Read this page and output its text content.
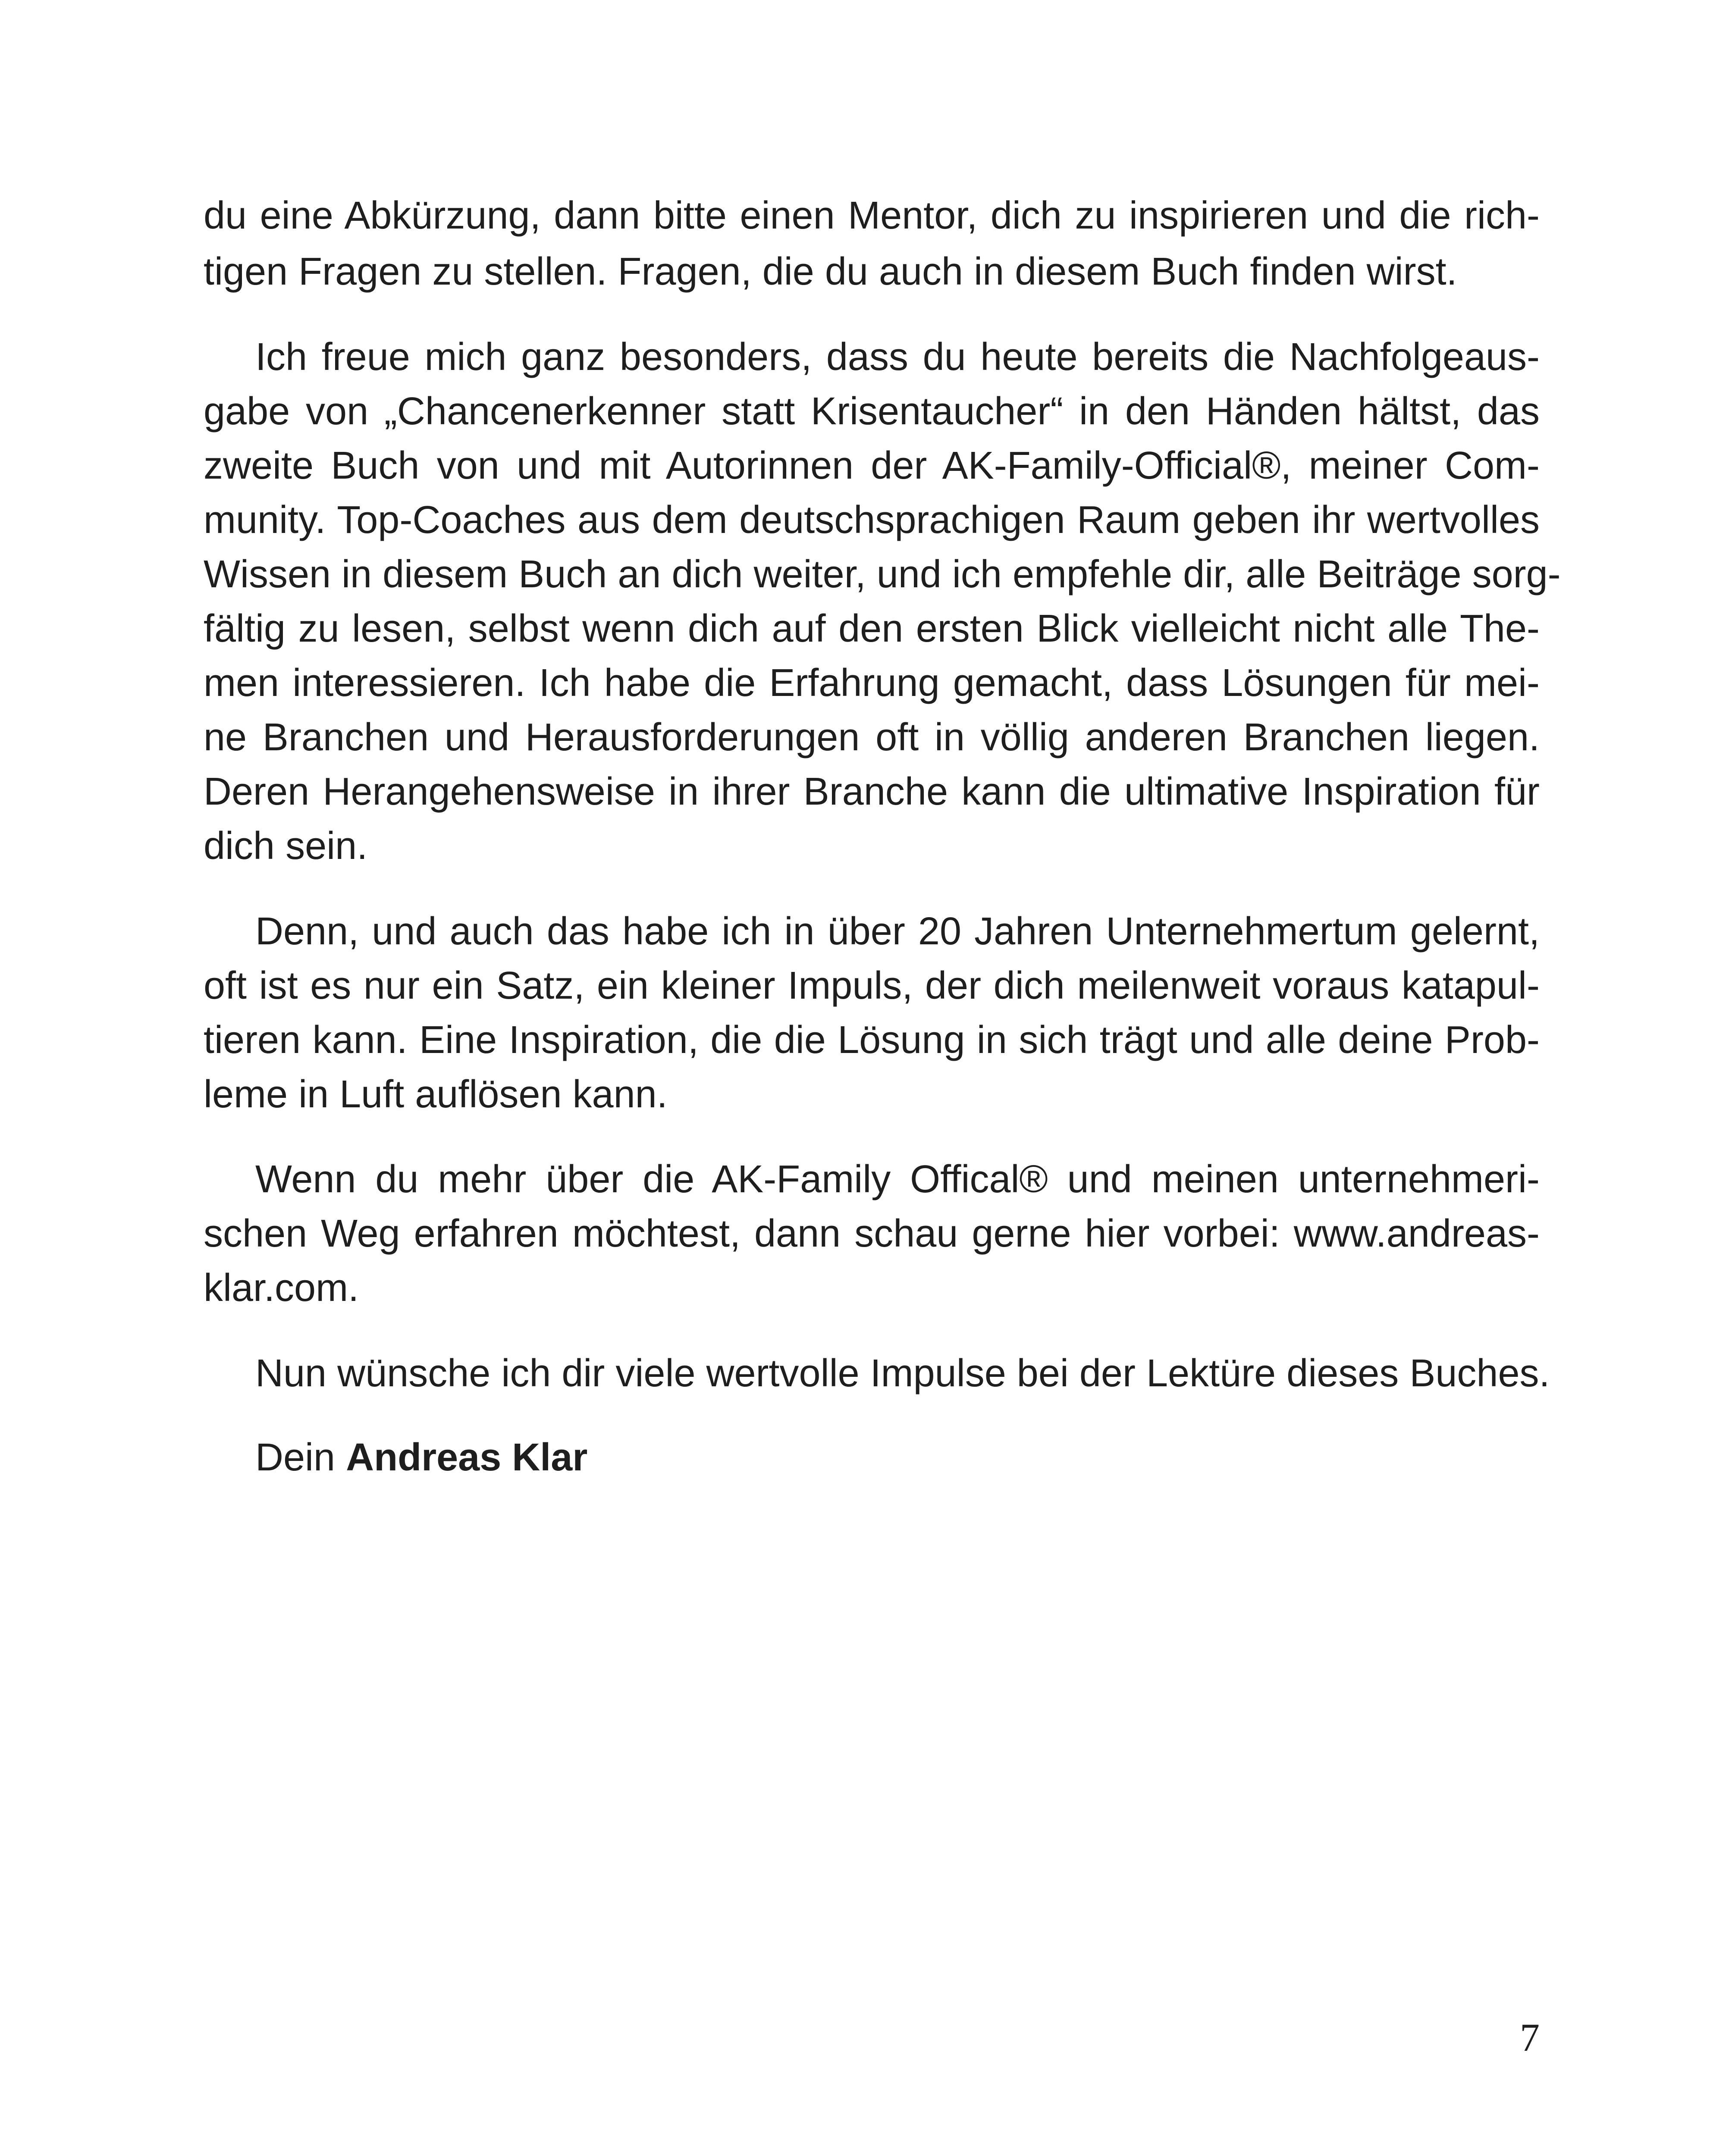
du eine Abkürzung, dann bitte einen Mentor, dich zu inspirieren und die rich-
tigen Fragen zu stellen. Fragen, die du auch in diesem Buch finden wirst.
Ich freue mich ganz besonders, dass du heute bereits die Nachfolgeaus-
gabe von „Chancenerkenner statt Krisentaucher“ in den Händen hältst, das
zweite Buch von und mit Autorinnen der AK-Family-Official®, meiner Com-
munity. Top-Coaches aus dem deutschsprachigen Raum geben ihr wertvolles
Wissen in diesem Buch an dich weiter, und ich empfehle dir, alle Beiträge sorg-
fältig zu lesen, selbst wenn dich auf den ersten Blick vielleicht nicht alle The-
men interessieren. Ich habe die Erfahrung gemacht, dass Lösungen für mei-
ne Branchen und Herausforderungen oft in völlig anderen Branchen liegen.
Deren Herangehensweise in ihrer Branche kann die ultimative Inspiration für
dich sein.
Denn, und auch das habe ich in über 20 Jahren Unternehmertum gelernt,
oft ist es nur ein Satz, ein kleiner Impuls, der dich meilenweit voraus katapul-
tieren kann. Eine Inspiration, die die Lösung in sich trägt und alle deine Prob-
leme in Luft auflösen kann.
Wenn du mehr über die AK-Family Offical® und meinen unternehmeri-
schen Weg erfahren möchtest, dann schau gerne hier vorbei: www.andreas-
klar.com.
Nun wünsche ich dir viele wertvolle Impulse bei der Lektüre dieses Buches.
Dein Andreas Klar
7
